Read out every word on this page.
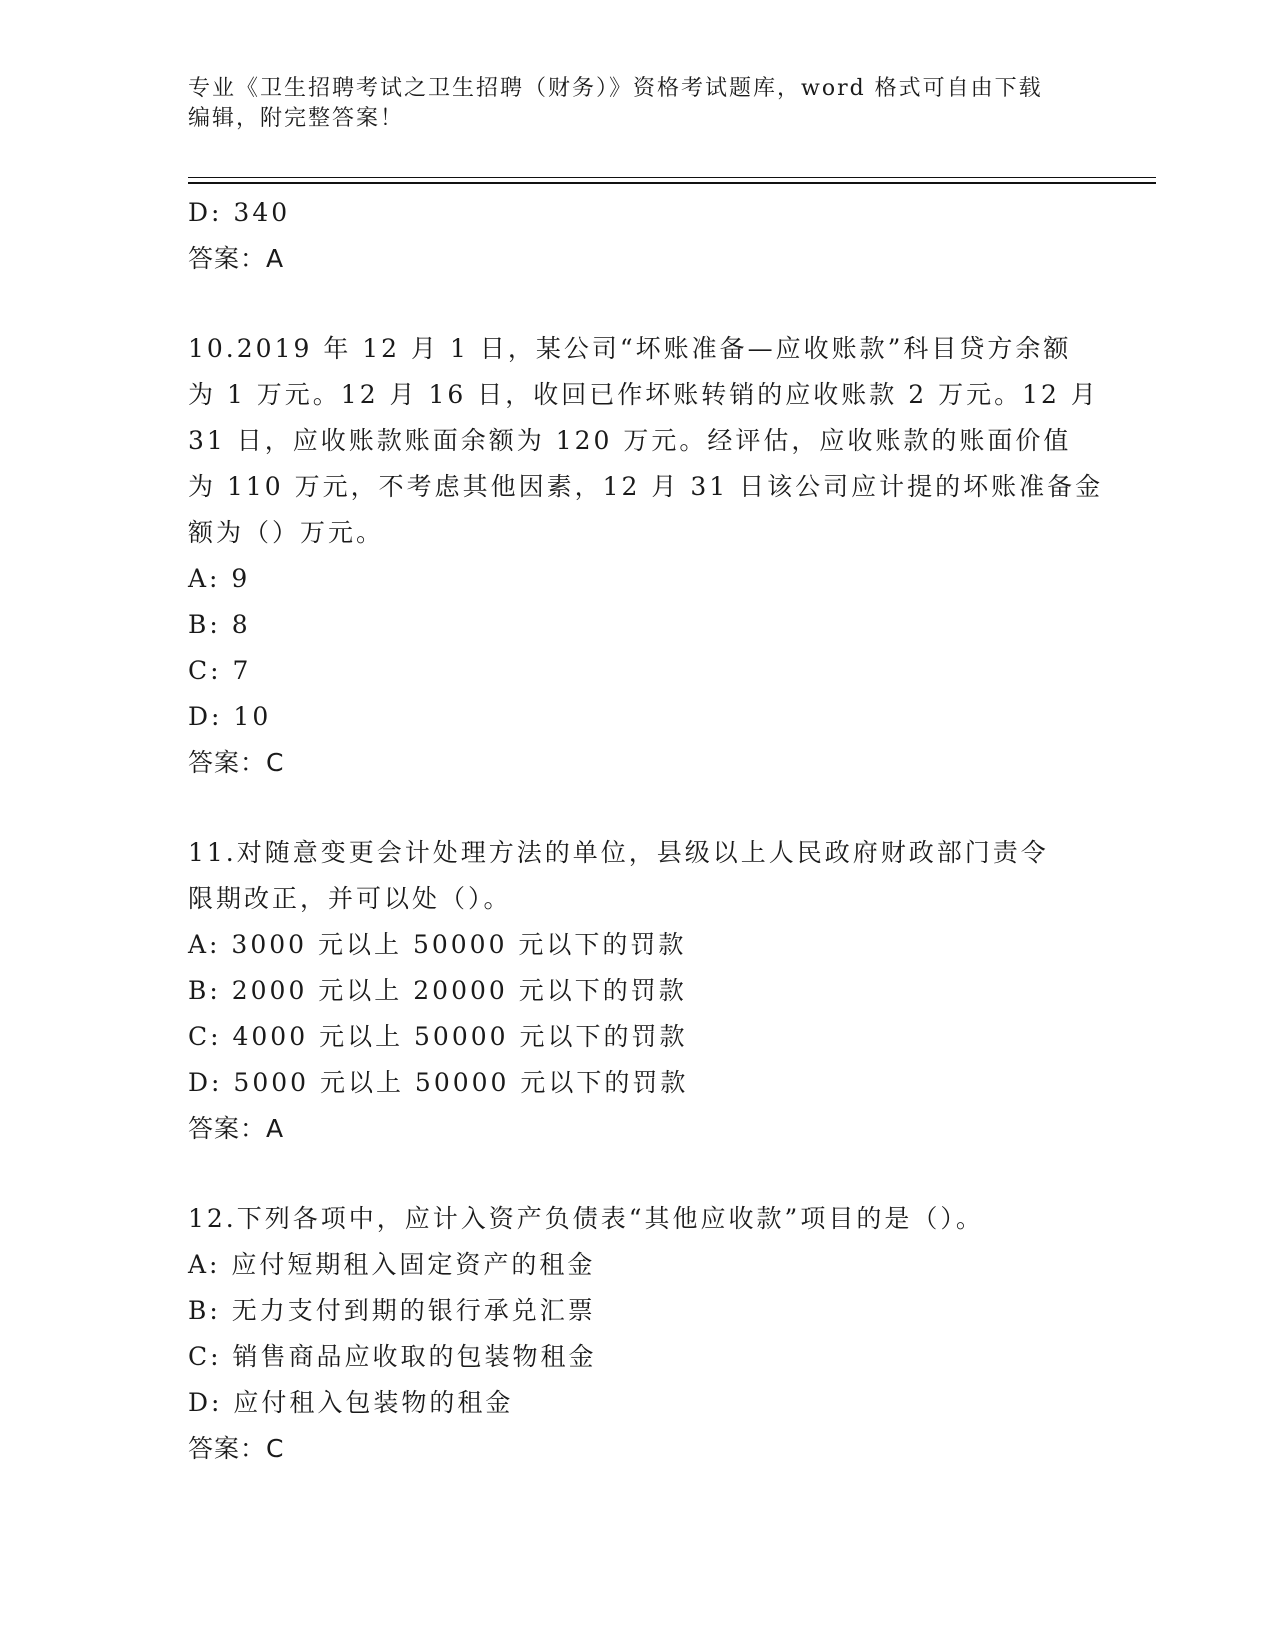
专业《卫生招聘考试之卫生招聘（财务）》资格考试题库，word 格式可自由下载
编辑，附完整答案！
D: 340
答案：A
10.2019 年 12 月 1 日，某公司“坏账准备—应收账款”科目贷方余额
为 1 万元。12 月 16 日，收回已作坏账转销的应收账款 2 万元。12 月
31 日，应收账款账面余额为 120 万元。经评估，应收账款的账面价值
为 110 万元，不考虑其他因素，12 月 31 日该公司应计提的坏账准备金
额为（）万元。
A: 9
B: 8
C: 7
D: 10
答案：C
11.对随意变更会计处理方法的单位，县级以上人民政府财政部门责令
限期改正，并可以处（）。
A: 3000 元以上 50000 元以下的罚款
B: 2000 元以上 20000 元以下的罚款
C: 4000 元以上 50000 元以下的罚款
D: 5000 元以上 50000 元以下的罚款
答案：A
12.下列各项中，应计入资产负债表“其他应收款”项目的是（）。
A: 应付短期租入固定资产的租金
B: 无力支付到期的银行承兑汇票
C: 销售商品应收取的包装物租金
D: 应付租入包装物的租金
答案：C
